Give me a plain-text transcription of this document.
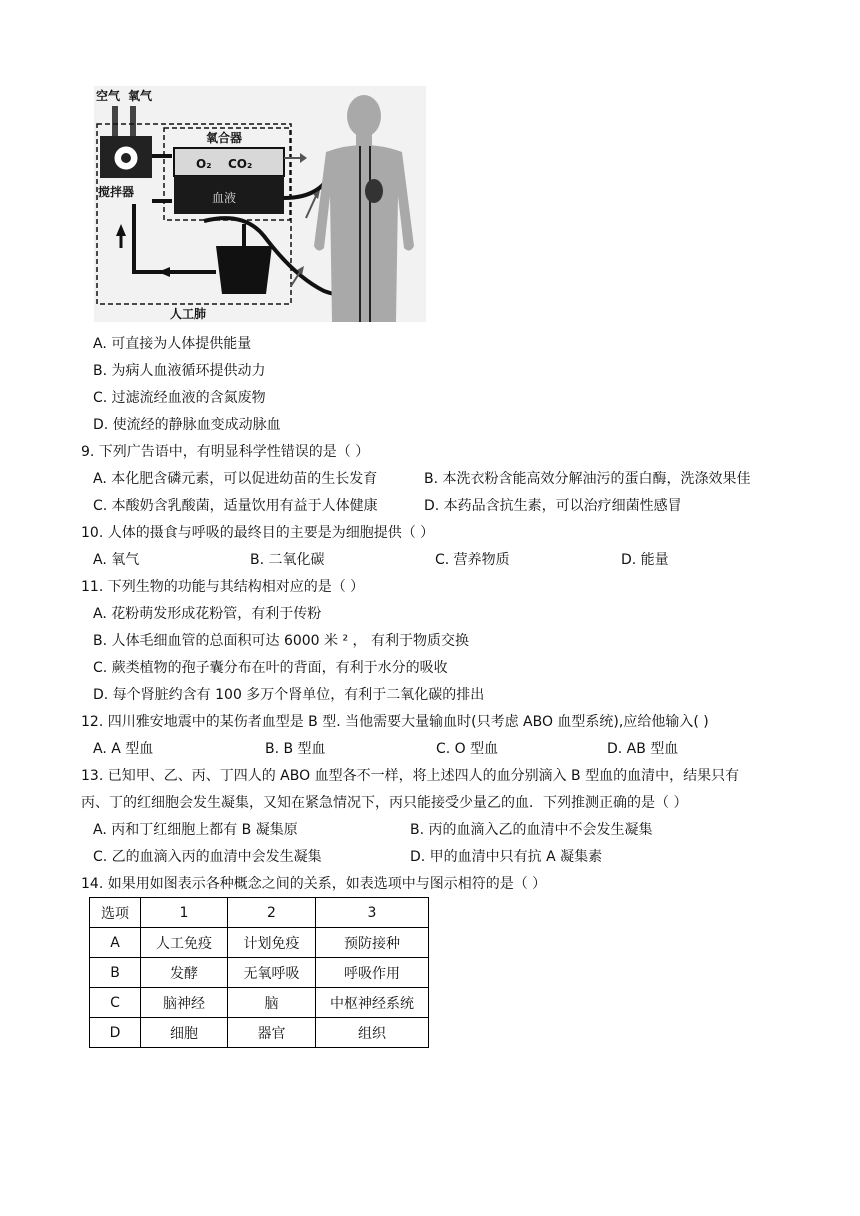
空气 氧气
搅拌器
氧合器
O₂ CO₂
血液
人工肺
A. 可直接为人体提供能量
B. 为病人血液循环提供动力
C. 过滤流经血液的含氮废物
D. 使流经的静脉血变成动脉血
9. 下列广告语中，有明显科学性错误的是（ ）
A. 本化肥含磷元素，可以促进幼苗的生长发育	B. 本洗衣粉含能高效分解油污的蛋白酶，洗涤效果佳
C. 本酸奶含乳酸菌，适量饮用有益于人体健康	D. 本药品含抗生素，可以治疗细菌性感冒
10. 人体的摄食与呼吸的最终目的主要是为细胞提供（ ）
A. 氧气	B. 二氧化碳	C. 营养物质	D. 能量
11. 下列生物的功能与其结构相对应的是（ ）
A. 花粉萌发形成花粉管，有利于传粉
B. 人体毛细血管的总面积可达 6000 米 ² ， 有利于物质交换
C. 蕨类植物的孢子囊分布在叶的背面，有利于水分的吸收
D. 每个肾脏约含有 100 多万个肾单位，有利于二氧化碳的排出
12. 四川雅安地震中的某伤者血型是 B 型. 当他需要大量输血时(只考虑 ABO 血型系统),应给他输入( )
A. A 型血	B. B 型血	C. O 型血	D. AB 型血
13. 已知甲、乙、丙、丁四人的 ABO 血型各不一样，将上述四人的血分别滴入 B 型血的血清中，结果只有
丙、丁的红细胞会发生凝集，又知在紧急情况下，丙只能接受少量乙的血．下列推测正确的是（ ）
A. 丙和丁红细胞上都有 B 凝集原	B. 丙的血滴入乙的血清中不会发生凝集
C. 乙的血滴入丙的血清中会发生凝集	D. 甲的血清中只有抗 A 凝集素
14. 如果用如图表示各种概念之间的关系，如表选项中与图示相符的是（ ）
选项	1	2	3
A	人工免疫	计划免疫	预防接种
B	发酵	无氧呼吸	呼吸作用
C	脑神经	脑	中枢神经系统
D	细胞	器官	组织
